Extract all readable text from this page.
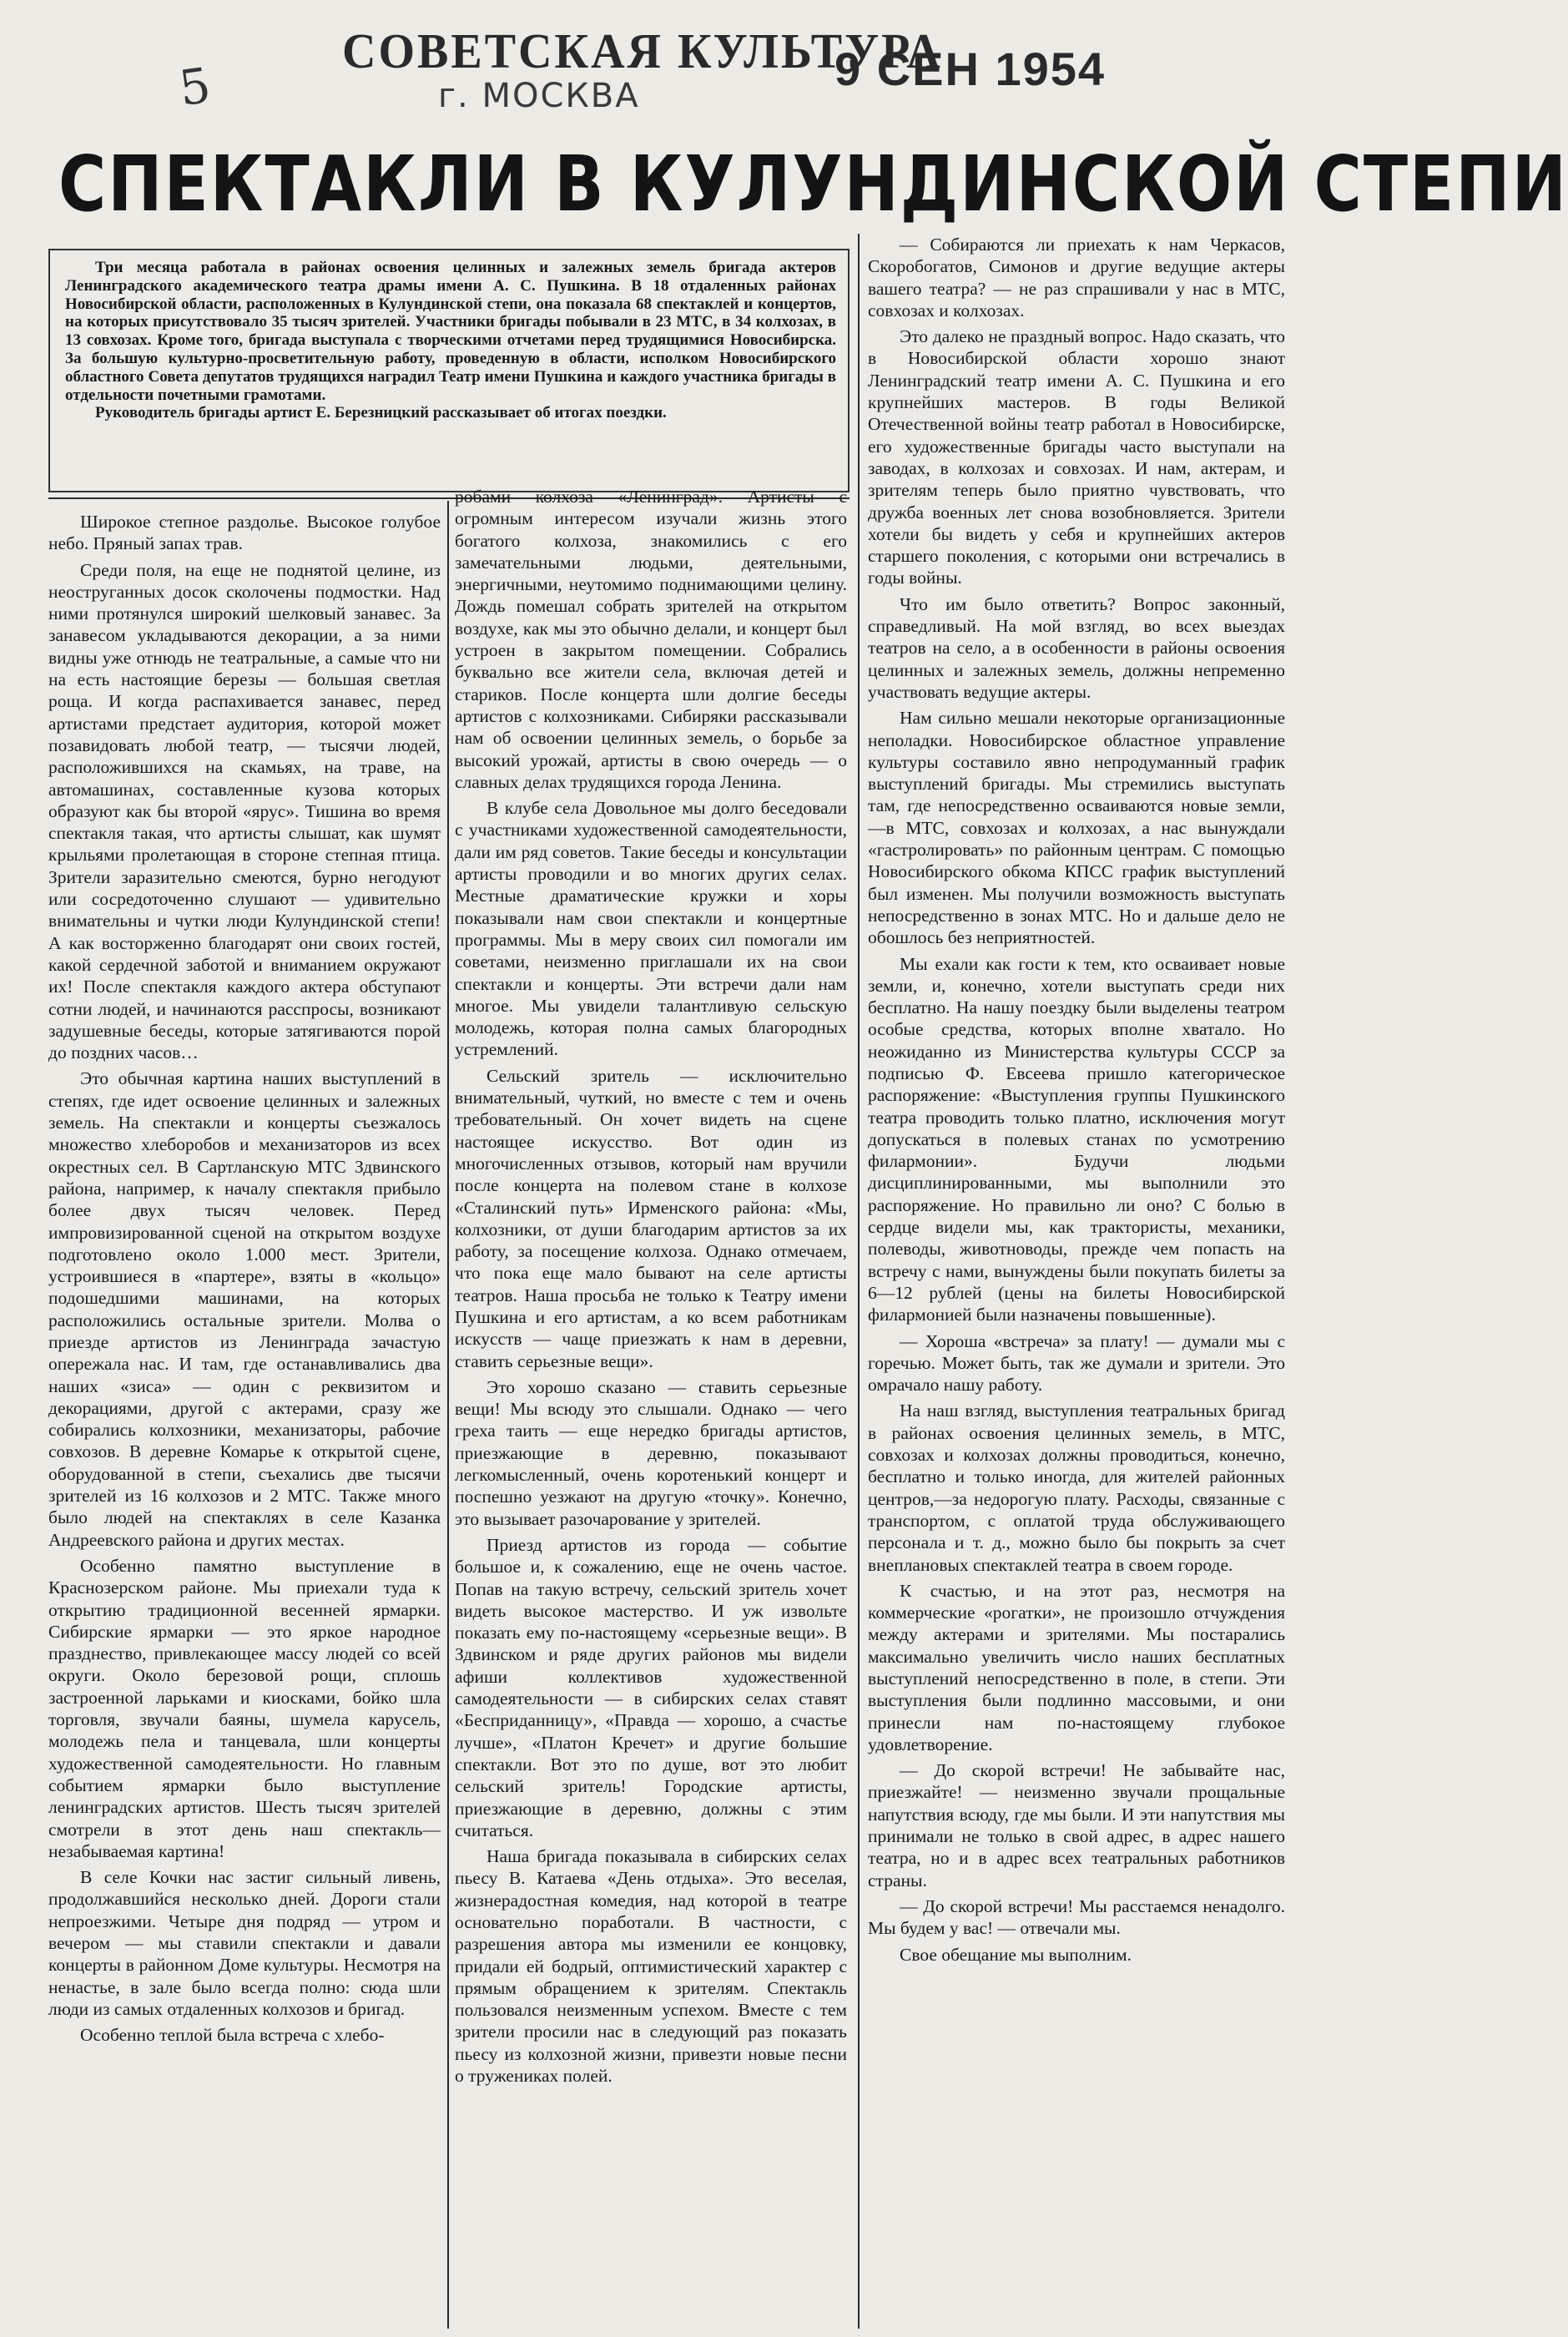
СОВЕТСКАЯ КУЛЬТУРА
г. МОСКВА
9 СЕН 1954
5
СПЕКТАКЛИ В КУЛУНДИНСКОЙ СТЕПИ

Три месяца работала в районах освоения целинных и залежных земель бригада актеров Ленинградского академического театра драмы имени А. С. Пушкина. В 18 отдаленных районах Новосибирской области, расположенных в Кулундинской степи, она показала 68 спектаклей и концертов, на которых присутствовало 35 тысяч зрителей. Участники бригады побывали в 23 МТС, в 34 колхозах, в 13 совхозах. Кроме того, бригада выступала с творческими отчетами перед трудящимися Новосибирска. За большую культурно-просветительную работу, проведенную в области, исполком Новосибирского областного Совета депутатов трудящихся наградил Театр имени Пушкина и каждого участника бригады в отдельности почетными грамотами.

Руководитель бригады артист Е. Березницкий рассказывает об итогах поездки.

Широкое степное раздолье. Высокое голубое небо. Пряный запах трав.

Среди поля, на еще не поднятой целине, из неоструганных досок сколочены подмостки. Над ними протянулся широкий шелковый занавес. За занавесом укладываются декорации, а за ними видны уже отнюдь не театральные, а самые что ни на есть настоящие березы — большая светлая роща. И когда распахивается занавес, перед артистами предстает аудитория, которой может позавидовать любой театр, — тысячи людей, расположившихся на скамьях, на траве, на автомашинах, составленные кузова которых образуют как бы второй «ярус». Тишина во время спектакля такая, что артисты слышат, как шумят крыльями пролетающая в стороне степная птица. Зрители заразительно смеются, бурно негодуют или сосредоточенно слушают — удивительно внимательны и чутки люди Кулундинской степи! А как восторженно благодарят они своих гостей, какой сердечной заботой и вниманием окружают их! После спектакля каждого актера обступают сотни людей, и начинаются расспросы, возникают задушевные беседы, которые затягиваются порой до поздних часов…

Это обычная картина наших выступлений в степях, где идет освоение целинных и залежных земель. На спектакли и концерты съезжалось множество хлеборобов и механизаторов из всех окрестных сел. В Сартланскую МТС Здвинского района, например, к началу спектакля прибыло более двух тысяч человек. Перед импровизированной сценой на открытом воздухе подготовлено около 1.000 мест. Зрители, устроившиеся в «партере», взяты в «кольцо» подошедшими машинами, на которых расположились остальные зрители. Молва о приезде артистов из Ленинграда зачастую опережала нас. И там, где останавливались два наших «зиса» — один с реквизитом и декорациями, другой с актерами, сразу же собирались колхозники, механизаторы, рабочие совхозов. В деревне Комарье к открытой сцене, оборудованной в степи, съехались две тысячи зрителей из 16 колхозов и 2 МТС. Также много было людей на спектаклях в селе Казанка Андреевского района и других местах.

Особенно памятно выступление в Краснозерском районе. Мы приехали туда к открытию традиционной весенней ярмарки. Сибирские ярмарки — это яркое народное празднество, привлекающее массу людей со всей округи. Около березовой рощи, сплошь застроенной ларьками и киосками, бойко шла торговля, звучали баяны, шумела карусель, молодежь пела и танцевала, шли концерты художественной самодеятельности. Но главным событием ярмарки было выступление ленинградских артистов. Шесть тысяч зрителей смотрели в этот день наш спектакль—незабываемая картина!

В селе Кочки нас застиг сильный ливень, продолжавшийся несколько дней. Дороги стали непроезжими. Четыре дня подряд — утром и вечером — мы ставили спектакли и давали концерты в районном Доме культуры. Несмотря на ненастье, в зале было всегда полно: сюда шли люди из самых отдаленных колхозов и бригад.

Особенно теплой была встреча с хлебо-

робами колхоза «Ленинград». Артисты с огромным интересом изучали жизнь этого богатого колхоза, знакомились с его замечательными людьми, деятельными, энергичными, неутомимо поднимающими целину. Дождь помешал собрать зрителей на открытом воздухе, как мы это обычно делали, и концерт был устроен в закрытом помещении. Собрались буквально все жители села, включая детей и стариков. После концерта шли долгие беседы артистов с колхозниками. Сибиряки рассказывали нам об освоении целинных земель, о борьбе за высокий урожай, артисты в свою очередь — о славных делах трудящихся города Ленина.

В клубе села Довольное мы долго беседовали с участниками художественной самодеятельности, дали им ряд советов. Такие беседы и консультации артисты проводили и во многих других селах. Местные драматические кружки и хоры показывали нам свои спектакли и концертные программы. Мы в меру своих сил помогали им советами, неизменно приглашали их на свои спектакли и концерты. Эти встречи дали нам многое. Мы увидели талантливую сельскую молодежь, которая полна самых благородных устремлений.

Сельский зритель — исключительно внимательный, чуткий, но вместе с тем и очень требовательный. Он хочет видеть на сцене настоящее искусство. Вот один из многочисленных отзывов, который нам вручили после концерта на полевом стане в колхозе «Сталинский путь» Ирменского района: «Мы, колхозники, от души благодарим артистов за их работу, за посещение колхоза. Однако отмечаем, что пока еще мало бывают на селе артисты театров. Наша просьба не только к Театру имени Пушкина и его артистам, а ко всем работникам искусств — чаще приезжать к нам в деревни, ставить серьезные вещи».

Это хорошо сказано — ставить серьезные вещи! Мы всюду это слышали. Однако — чего греха таить — еще нередко бригады артистов, приезжающие в деревню, показывают легкомысленный, очень коротенький концерт и поспешно уезжают на другую «точку». Конечно, это вызывает разочарование у зрителей.

Приезд артистов из города — событие большое и, к сожалению, еще не очень частое. Попав на такую встречу, сельский зритель хочет видеть высокое мастерство. И уж извольте показать ему по-настоящему «серьезные вещи». В Здвинском и ряде других районов мы видели афиши коллективов художественной самодеятельности — в сибирских селах ставят «Бесприданницу», «Правда — хорошо, а счастье лучше», «Платон Кречет» и другие большие спектакли. Вот это по душе, вот это любит сельский зритель! Городские артисты, приезжающие в деревню, должны с этим считаться.

Наша бригада показывала в сибирских селах пьесу В. Катаева «День отдыха». Это веселая, жизнерадостная комедия, над которой в театре основательно поработали. В частности, с разрешения автора мы изменили ее концовку, придали ей бодрый, оптимистический характер с прямым обращением к зрителям. Спектакль пользовался неизменным успехом. Вместе с тем зрители просили нас в следующий раз показать пьесу из колхозной жизни, привезти новые песни о тружениках полей.

— Собираются ли приехать к нам Черкасов, Скоробогатов, Симонов и другие ведущие актеры вашего театра? — не раз спрашивали у нас в МТС, совхозах и колхозах.

Это далеко не праздный вопрос. Надо сказать, что в Новосибирской области хорошо знают Ленинградский театр имени А. С. Пушкина и его крупнейших мастеров. В годы Великой Отечественной войны театр работал в Новосибирске, его художественные бригады часто выступали на заводах, в колхозах и совхозах. И нам, актерам, и зрителям теперь было приятно чувствовать, что дружба военных лет снова возобновляется. Зрители хотели бы видеть у себя и крупнейших актеров старшего поколения, с которыми они встречались в годы войны.

Что им было ответить? Вопрос законный, справедливый. На мой взгляд, во всех выездах театров на село, а в особенности в районы освоения целинных и залежных земель, должны непременно участвовать ведущие актеры.

Нам сильно мешали некоторые организационные неполадки. Новосибирское областное управление культуры составило явно непродуманный график выступлений бригады. Мы стремились выступать там, где непосредственно осваиваются новые земли,—в МТС, совхозах и колхозах, а нас вынуждали «гастролировать» по районным центрам. С помощью Новосибирского обкома КПСС график выступлений был изменен. Мы получили возможность выступать непосредственно в зонах МТС. Но и дальше дело не обошлось без неприятностей.

Мы ехали как гости к тем, кто осваивает новые земли, и, конечно, хотели выступать среди них бесплатно. На нашу поездку были выделены театром особые средства, которых вполне хватало. Но неожиданно из Министерства культуры СССР за подписью Ф. Евсеева пришло категорическое распоряжение: «Выступления группы Пушкинского театра проводить только платно, исключения могут допускаться в полевых станах по усмотрению филармонии». Будучи людьми дисциплинированными, мы выполнили это распоряжение. Но правильно ли оно? С болью в сердце видели мы, как трактористы, механики, полеводы, животноводы, прежде чем попасть на встречу с нами, вынуждены были покупать билеты за 6—12 рублей (цены на билеты Новосибирской филармонией были назначены повышенные).

— Хороша «встреча» за плату! — думали мы с горечью. Может быть, так же думали и зрители. Это омрачало нашу работу.

На наш взгляд, выступления театральных бригад в районах освоения целинных земель, в МТС, совхозах и колхозах должны проводиться, конечно, бесплатно и только иногда, для жителей районных центров,—за недорогую плату. Расходы, связанные с транспортом, с оплатой труда обслуживающего персонала и т. д., можно было бы покрыть за счет внеплановых спектаклей театра в своем городе.

К счастью, и на этот раз, несмотря на коммерческие «рогатки», не произошло отчуждения между актерами и зрителями. Мы постарались максимально увеличить число наших бесплатных выступлений непосредственно в поле, в степи. Эти выступления были подлинно массовыми, и они принесли нам по-настоящему глубокое удовлетворение.

— До скорой встречи! Не забывайте нас, приезжайте! — неизменно звучали прощальные напутствия всюду, где мы были. И эти напутствия мы принимали не только в свой адрес, в адрес нашего театра, но и в адрес всех театральных работников страны.

— До скорой встречи! Мы расстаемся ненадолго. Мы будем у вас! — отвечали мы.

Свое обещание мы выполним.
